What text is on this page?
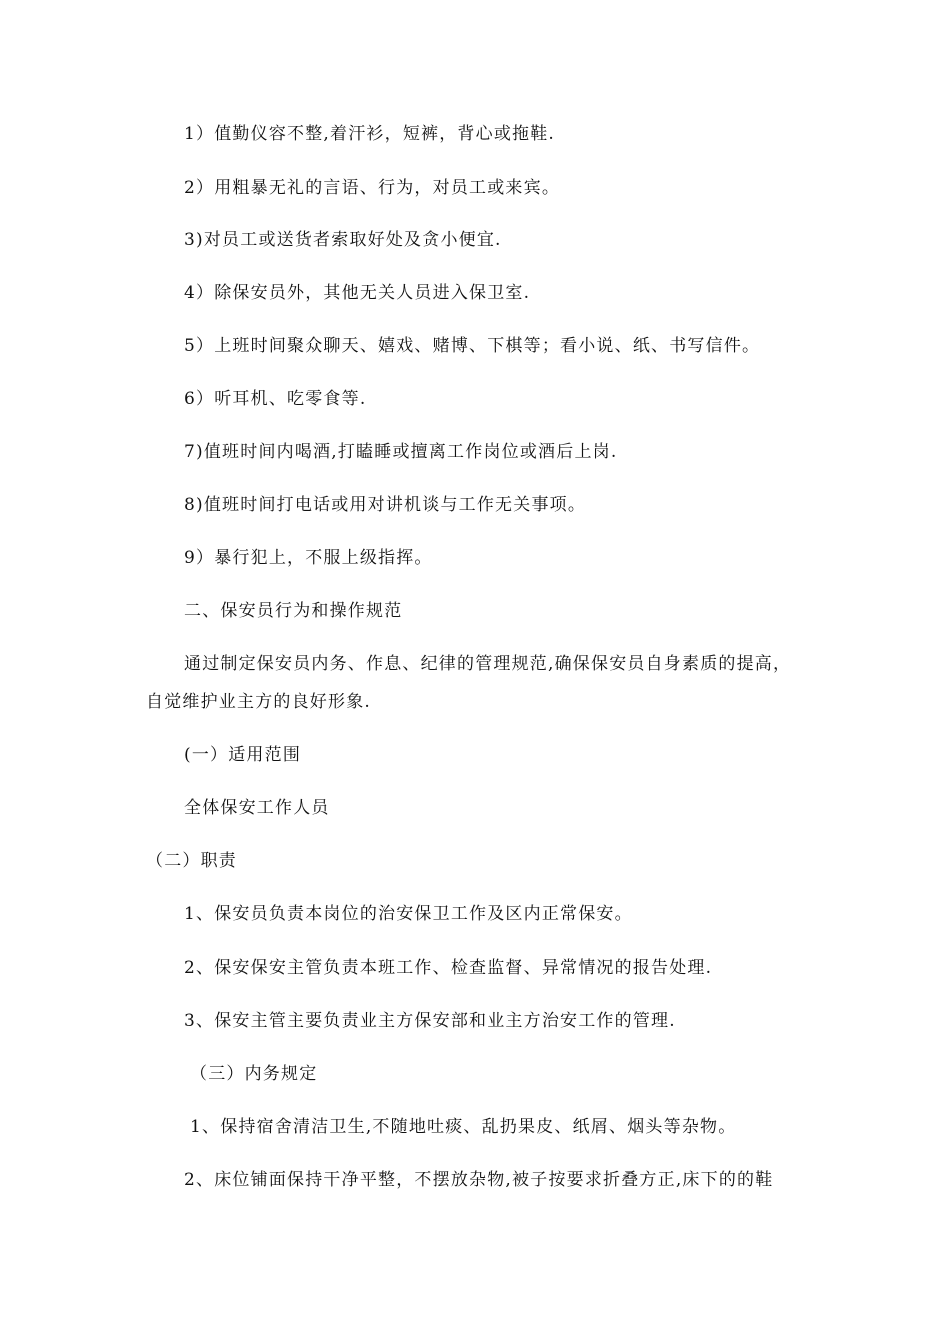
1）值勤仪容不整,着汗衫，短裤，背心或拖鞋.
2）用粗暴无礼的言语、行为，对员工或来宾。
3)对员工或送货者索取好处及贪小便宜.
4）除保安员外，其他无关人员进入保卫室.
5）上班时间聚众聊天、嬉戏、赌博、下棋等；看小说、纸、书写信件。
6）听耳机、吃零食等.
7)值班时间内喝酒,打瞌睡或擅离工作岗位或酒后上岗.
8)值班时间打电话或用对讲机谈与工作无关事项。
9）暴行犯上，不服上级指挥。
二、保安员行为和操作规范
通过制定保安员内务、作息、纪律的管理规范,确保保安员自身素质的提高，
自觉维护业主方的良好形象.
(一）适用范围
全体保安工作人员
（二）职责
1、保安员负责本岗位的治安保卫工作及区内正常保安。
2、保安保安主管负责本班工作、检查监督、异常情况的报告处理.
3、保安主管主要负责业主方保安部和业主方治安工作的管理.
（三）内务规定
1、保持宿舍清洁卫生,不随地吐痰、乱扔果皮、纸屑、烟头等杂物。
2、床位铺面保持干净平整，不摆放杂物,被子按要求折叠方正,床下的的鞋
